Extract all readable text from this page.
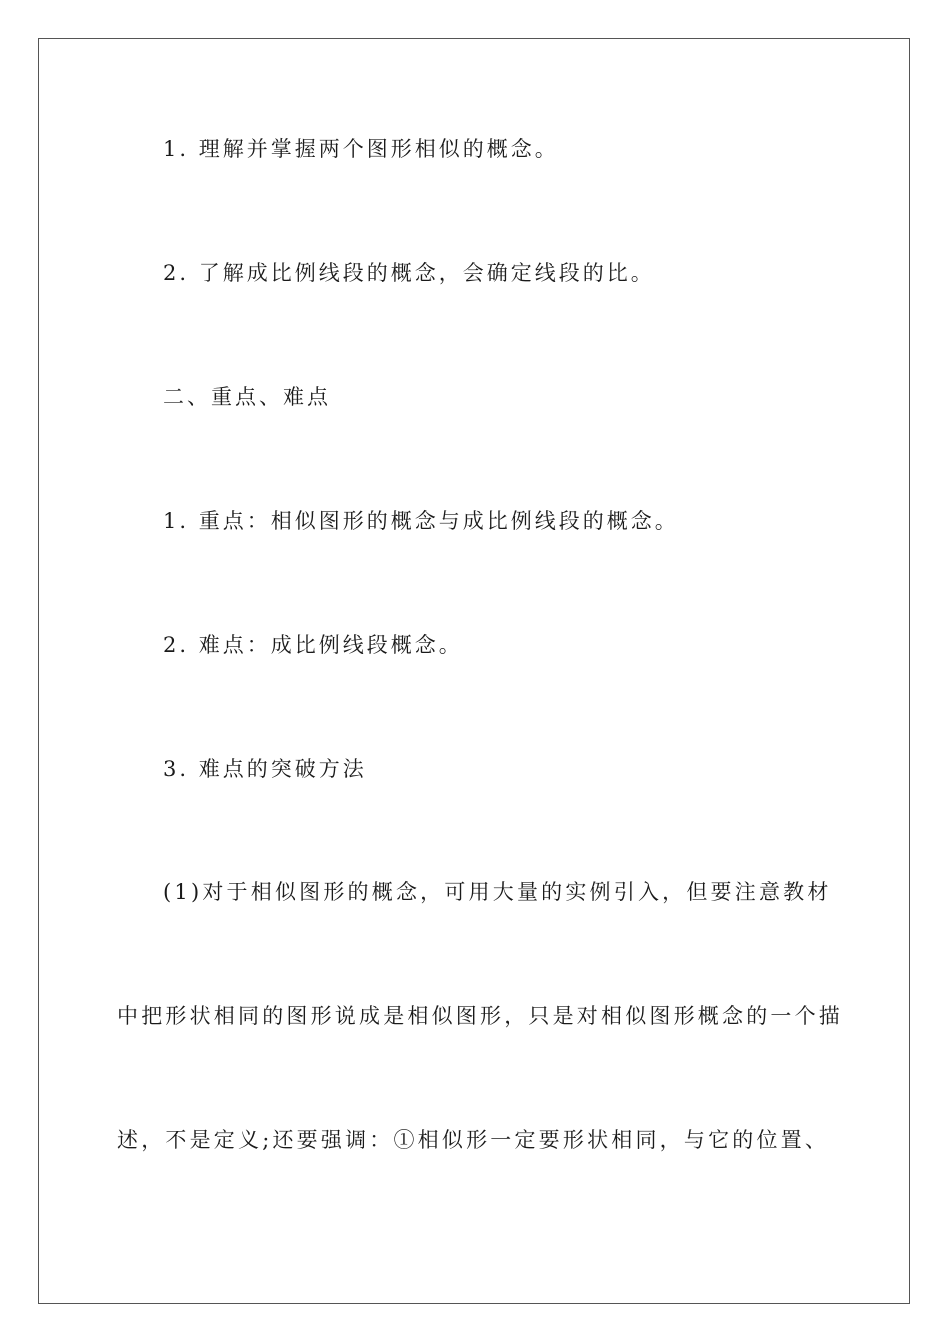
1. 理解并掌握两个图形相似的概念。
2. 了解成比例线段的概念，会确定线段的比。
二、重点、难点
1. 重点：相似图形的概念与成比例线段的概念。
2. 难点：成比例线段概念。
3. 难点的突破方法
(1)对于相似图形的概念，可用大量的实例引入，但要注意教材
中把形状相同的图形说成是相似图形，只是对相似图形概念的一个描
述，不是定义;还要强调：①相似形一定要形状相同，与它的位置、
